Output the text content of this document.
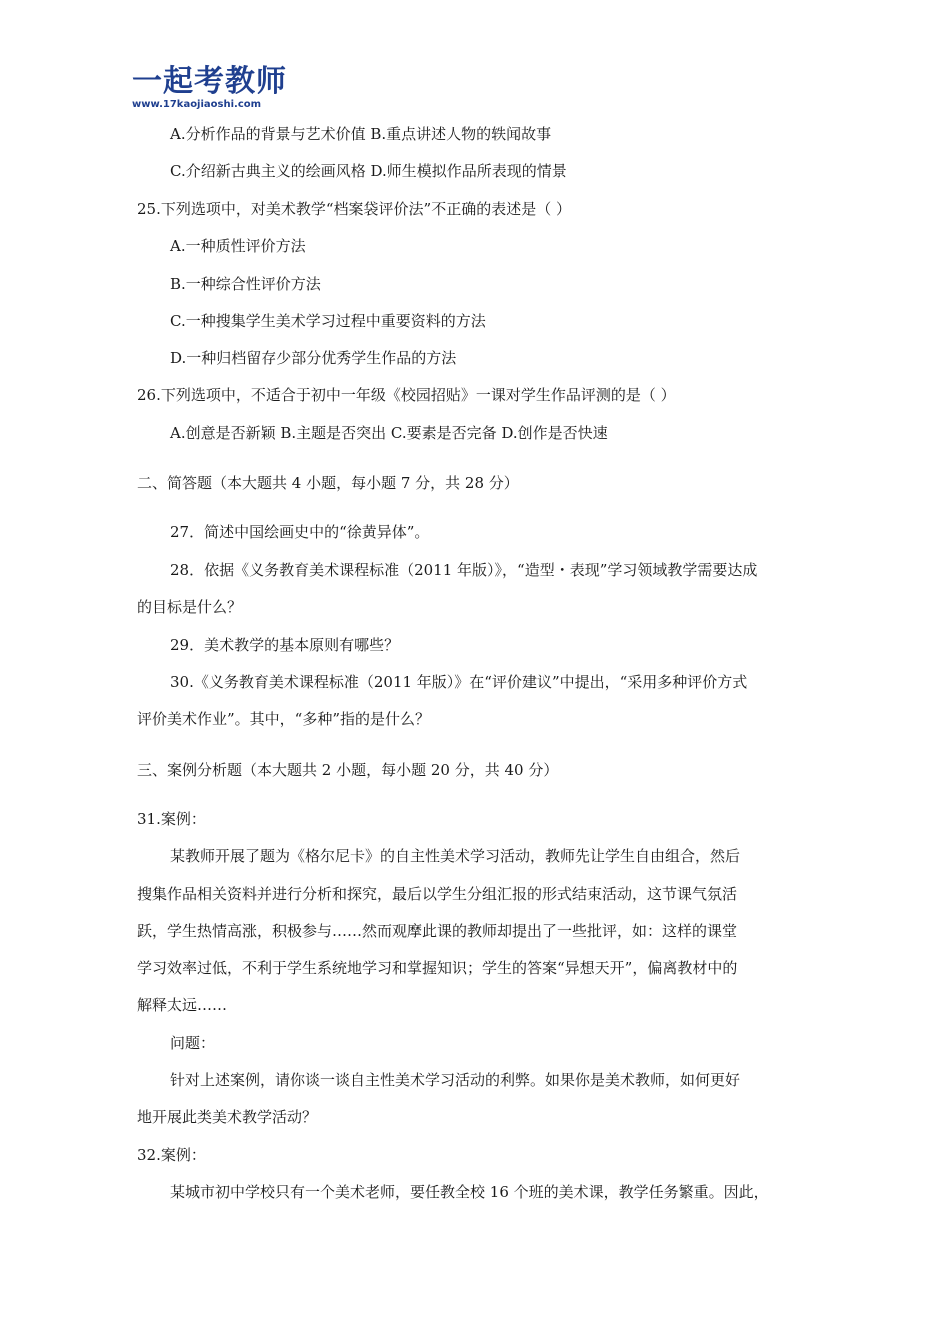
一起考教师
www.17kaojiaoshi.com
A.分析作品的背景与艺术价值 B.重点讲述人物的轶闻故事
C.介绍新古典主义的绘画风格 D.师生模拟作品所表现的情景
25.下列选项中，对美术教学“档案袋评价法”不正确的表述是（ ）
A.一种质性评价方法
B.一种综合性评价方法
C.一种搜集学生美术学习过程中重要资料的方法
D.一种归档留存少部分优秀学生作品的方法
26.下列选项中，不适合于初中一年级《校园招贴》一课对学生作品评测的是（ ）
A.创意是否新颖 B.主题是否突出 C.要素是否完备 D.创作是否快速
二、简答题（本大题共 4 小题，每小题 7 分，共 28 分）
27．简述中国绘画史中的“徐黄异体”。
28．依据《义务教育美术课程标准（2011 年版）》，“造型・表现”学习领域教学需要达成
的目标是什么？
29．美术教学的基本原则有哪些？
30.《义务教育美术课程标准（2011 年版）》在“评价建议”中提出，“采用多种评价方式
评价美术作业”。其中，“多种”指的是什么？
三、案例分析题（本大题共 2 小题，每小题 20 分，共 40 分）
31.案例：
某教师开展了题为《格尔尼卡》的自主性美术学习活动，教师先让学生自由组合，然后
搜集作品相关资料并进行分析和探究，最后以学生分组汇报的形式结束活动，这节课气氛活
跃，学生热情高涨，积极参与……然而观摩此课的教师却提出了一些批评，如：这样的课堂
学习效率过低，不利于学生系统地学习和掌握知识；学生的答案“异想天开”，偏离教材中的
解释太远……
问题：
针对上述案例，请你谈一谈自主性美术学习活动的利弊。如果你是美术教师，如何更好
地开展此类美术教学活动？
32.案例：
某城市初中学校只有一个美术老师，要任教全校 16 个班的美术课，教学任务繁重。因此，
